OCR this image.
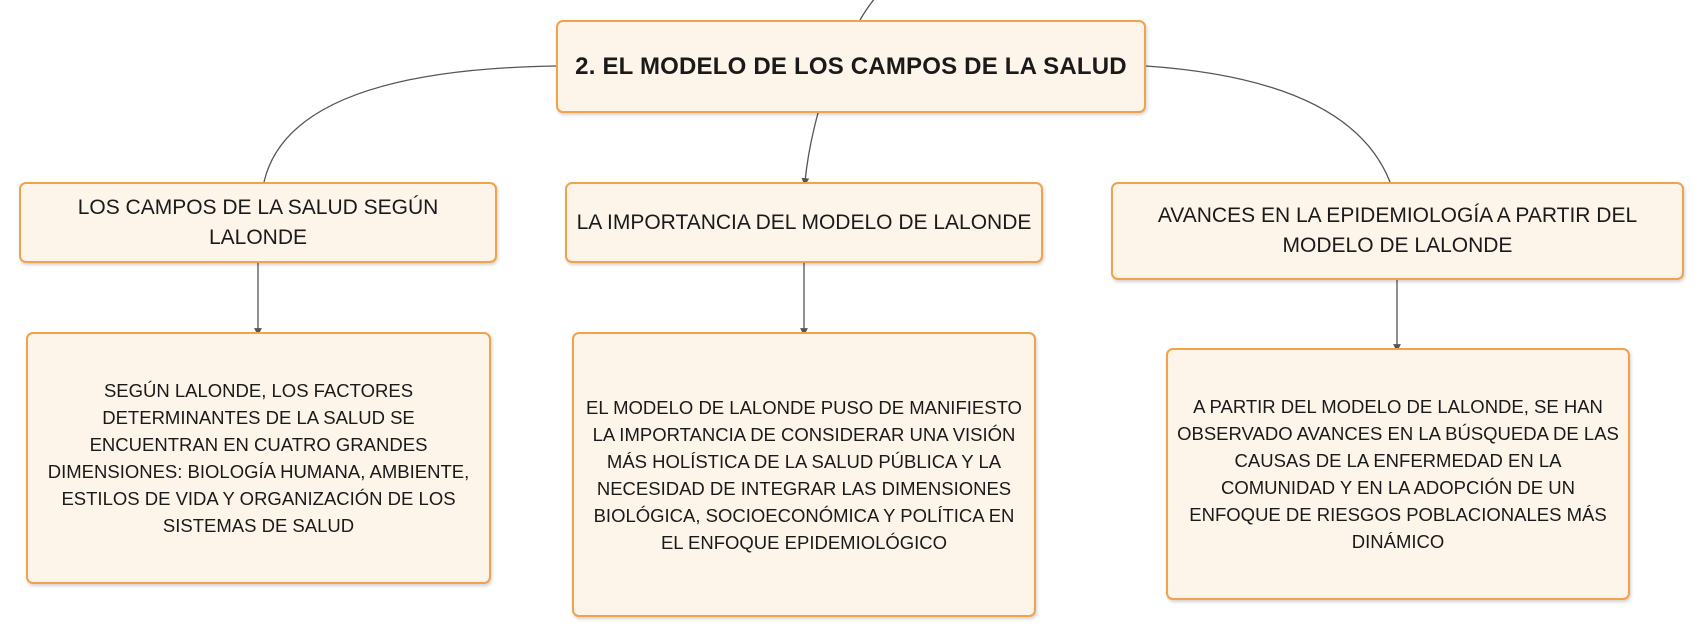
2. EL MODELO DE LOS CAMPOS DE LA SALUD
LOS CAMPOS DE LA SALUD SEGÚN LALONDE
LA IMPORTANCIA DEL MODELO DE LALONDE	AVANCES EN LA EPIDEMIOLOGÍA A PARTIR DEL MODELO DE LALONDE
SEGÚN LALONDE, LOS FACTORES DETERMINANTES DE LA SALUD SE ENCUENTRAN EN CUATRO GRANDES DIMENSIONES: BIOLOGÍA HUMANA, AMBIENTE, ESTILOS DE VIDA Y ORGANIZACIÓN DE LOS SISTEMAS DE SALUD
EL MODELO DE LALONDE PUSO DE MANIFIESTO LA IMPORTANCIA DE CONSIDERAR UNA VISIÓN MÁS HOLÍSTICA DE LA SALUD PÚBLICA Y LA NECESIDAD DE INTEGRAR LAS DIMENSIONES BIOLÓGICA, SOCIOECONÓMICA Y POLÍTICA EN EL ENFOQUE EPIDEMIOLÓGICO
A PARTIR DEL MODELO DE LALONDE, SE HAN OBSERVADO AVANCES EN LA BÚSQUEDA DE LAS CAUSAS DE LA ENFERMEDAD EN LA COMUNIDAD Y EN LA ADOPCIÓN DE UN ENFOQUE DE RIESGOS POBLACIONALES MÁS DINÁMICO
